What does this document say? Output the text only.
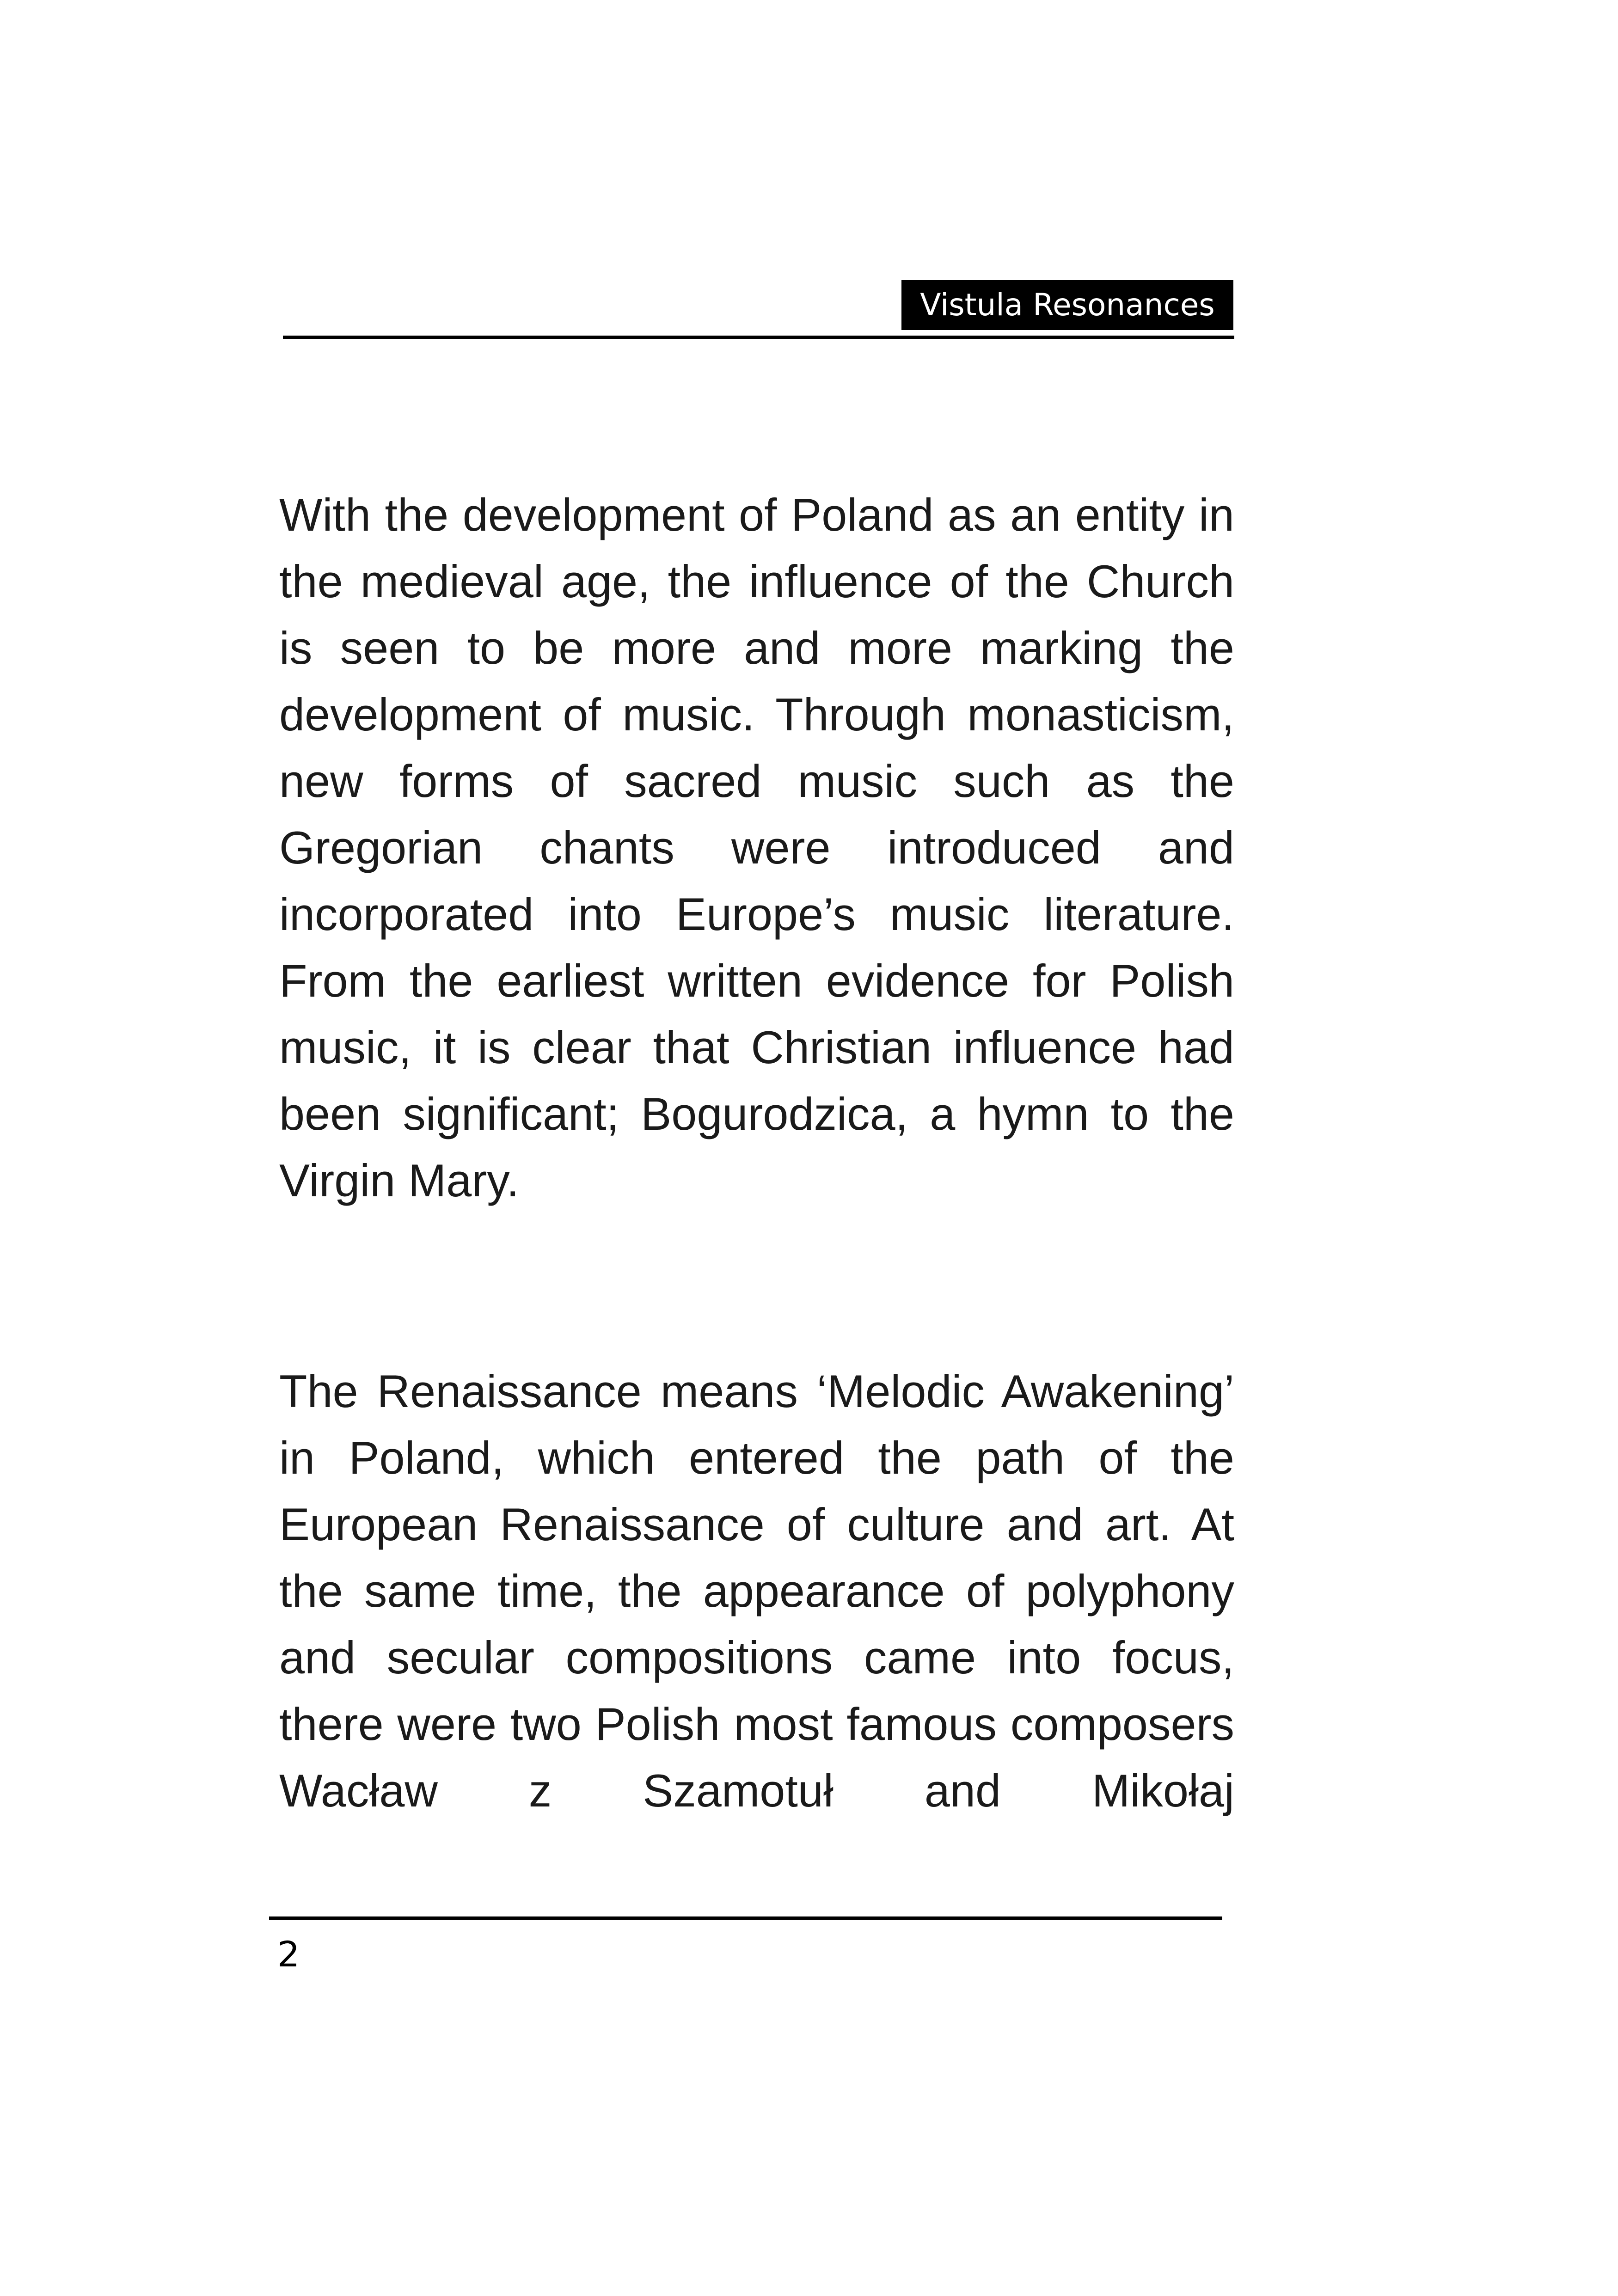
Vistula Resonances

With the development of Poland as an entity in the medieval age, the influence of the Church is seen to be more and more marking the development of music. Through monasticism, new forms of sacred music such as the Gregorian chants were introduced and incorporated into Europe’s music literature. From the earliest written evidence for Polish music, it is clear that Christian influence had been significant; Bogurodzica, a hymn to the Virgin Mary.

The Renaissance means ‘Melodic Awakening’ in Poland, which entered the path of the European Renaissance of culture and art. At the same time, the appearance of polyphony and secular compositions came into focus, there were two Polish most famous composers Wacław z Szamotuł and Mikołaj

2
